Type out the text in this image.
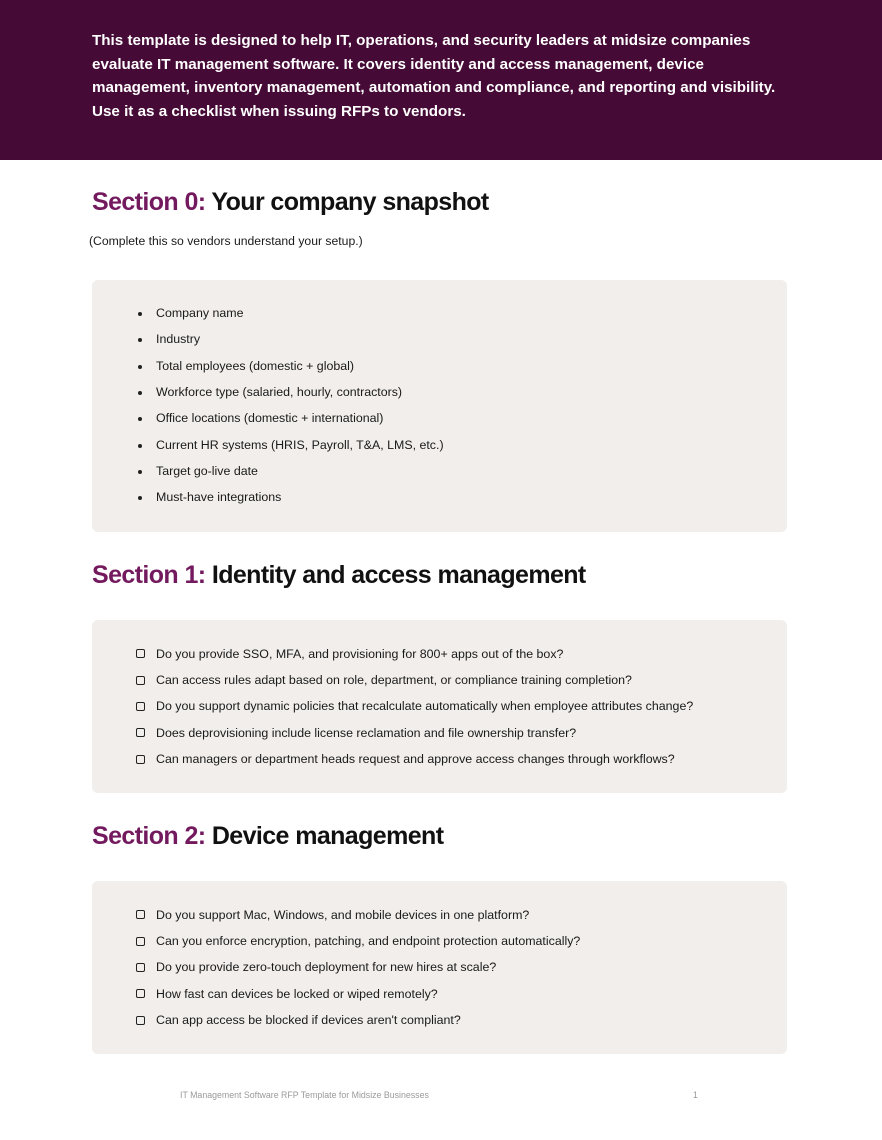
This template is designed to help IT, operations, and security leaders at midsize companies evaluate IT management software. It covers identity and access management, device management, inventory management, automation and compliance, and reporting and visibility. Use it as a checklist when issuing RFPs to vendors.

Section 0: Your company snapshot

(Complete this so vendors understand your setup.)

Company name
Industry
Total employees (domestic + global)
Workforce type (salaried, hourly, contractors)
Office locations (domestic + international)
Current HR systems (HRIS, Payroll, T&A, LMS, etc.)
Target go-live date
Must-have integrations
Section 1: Identity and access management
Do you provide SSO, MFA, and provisioning for 800+ apps out of the box?
Can access rules adapt based on role, department, or compliance training completion?
Do you support dynamic policies that recalculate automatically when employee attributes change?
Does deprovisioning include license reclamation and file ownership transfer?
Can managers or department heads request and approve access changes through workflows?
Section 2: Device management
Do you support Mac, Windows, and mobile devices in one platform?
Can you enforce encryption, patching, and endpoint protection automatically?
Do you provide zero-touch deployment for new hires at scale?
How fast can devices be locked or wiped remotely?
Can app access be blocked if devices aren't compliant?

IT Management Software RFP Template for Midsize Businesses	1
